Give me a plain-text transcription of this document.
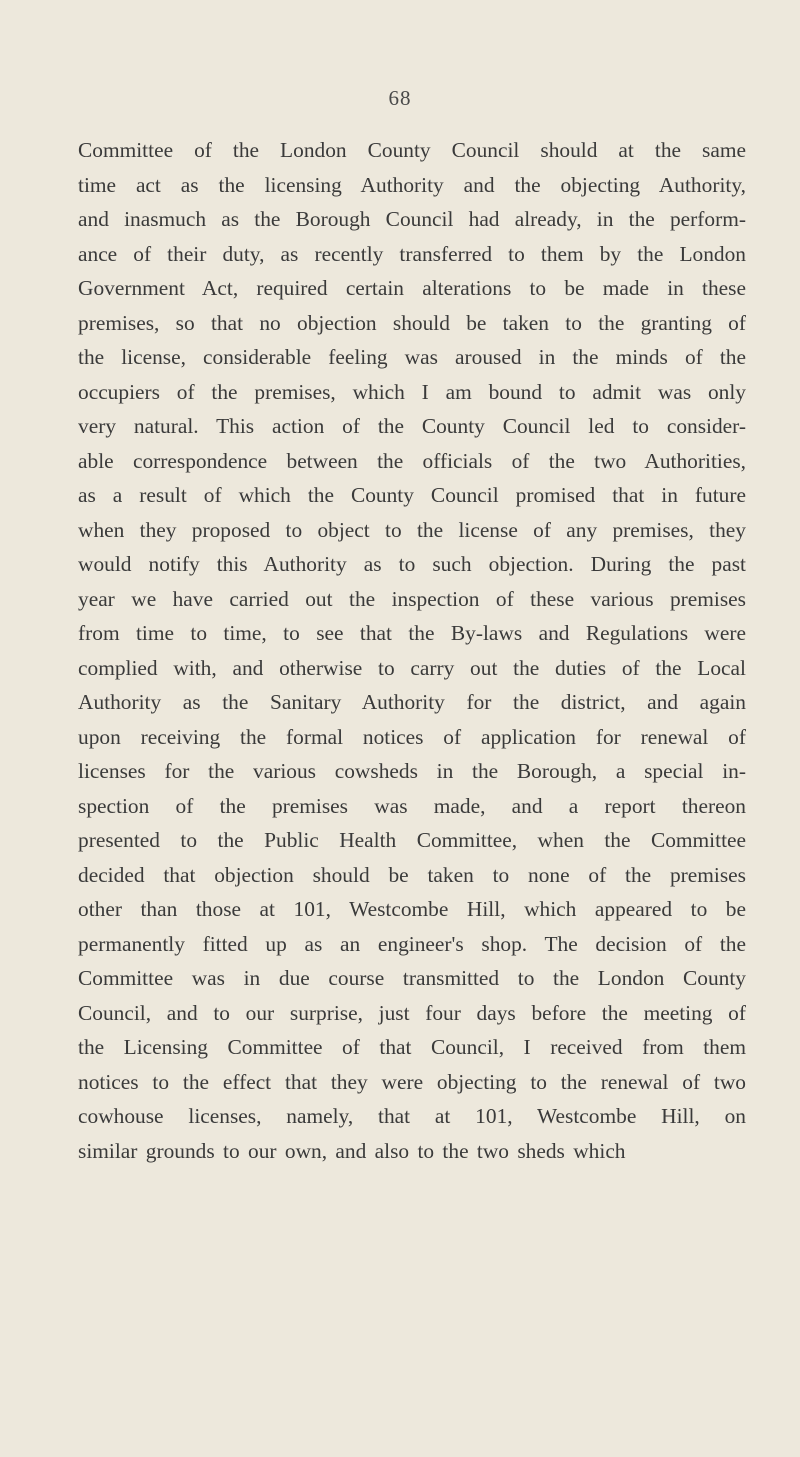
68
Committee of the London County Council should at the same
time act as the licensing Authority and the objecting Authority,
and inasmuch as the Borough Council had already, in the perform-
ance of their duty, as recently transferred to them by the London
Government Act, required certain alterations to be made in these
premises, so that no objection should be taken to the granting of
the license, considerable feeling was aroused in the minds of the
occupiers of the premises, which I am bound to admit was only
very natural. This action of the County Council led to consider-
able correspondence between the officials of the two Authorities,
as a result of which the County Council promised that in future
when they proposed to object to the license of any premises, they
would notify this Authority as to such objection. During the past
year we have carried out the inspection of these various premises
from time to time, to see that the By-laws and Regulations were
complied with, and otherwise to carry out the duties of the Local
Authority as the Sanitary Authority for the district, and again
upon receiving the formal notices of application for renewal of
licenses for the various cowsheds in the Borough, a special in-
spection of the premises was made, and a report thereon
presented to the Public Health Committee, when the Committee
decided that objection should be taken to none of the premises
other than those at 101, Westcombe Hill, which appeared to be
permanently fitted up as an engineer's shop. The decision of the
Committee was in due course transmitted to the London County
Council, and to our surprise, just four days before the meeting of
the Licensing Committee of that Council, I received from them
notices to the effect that they were objecting to the renewal of two
cowhouse licenses, namely, that at 101, Westcombe Hill, on
similar grounds to our own, and also to the two sheds which
